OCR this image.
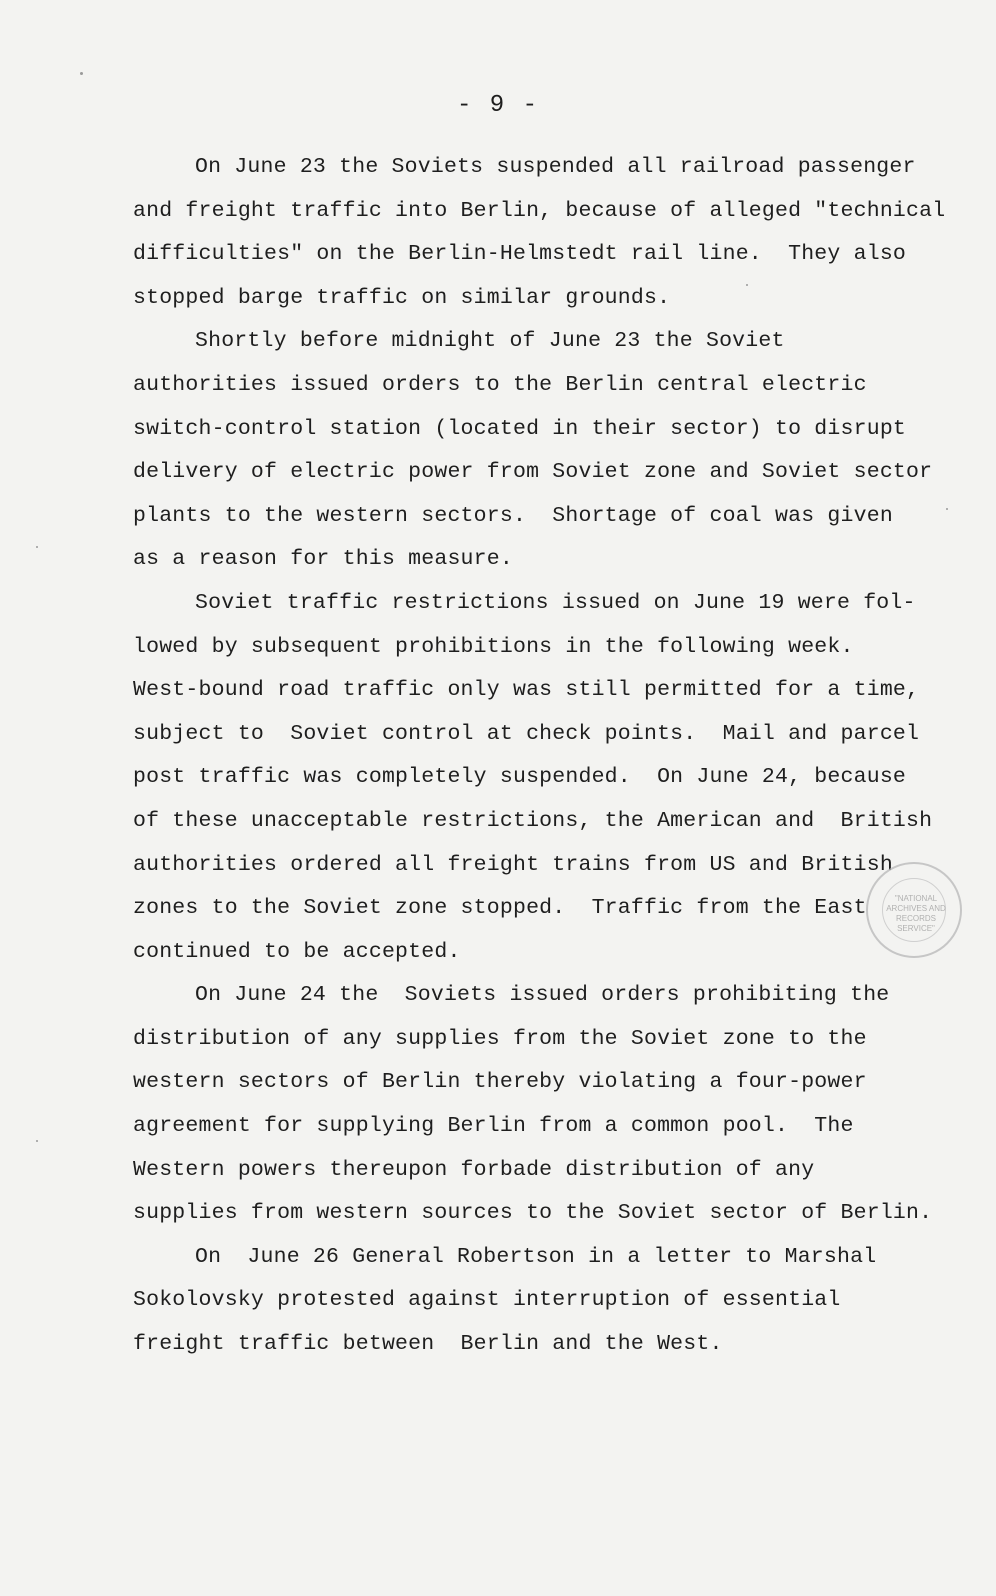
- 9 -
On June 23 the Soviets suspended all railroad passenger
and freight traffic into Berlin, because of alleged "technical
difficulties" on the Berlin-Helmstedt rail line.  They also
stopped barge traffic on similar grounds.
Shortly before midnight of June 23 the Soviet
authorities issued orders to the Berlin central electric
switch-control station (located in their sector) to disrupt
delivery of electric power from Soviet zone and Soviet sector
plants to the western sectors.  Shortage of coal was given
as a reason for this measure.
Soviet traffic restrictions issued on June 19 were fol-
lowed by subsequent prohibitions in the following week.
West-bound road traffic only was still permitted for a time,
subject to  Soviet control at check points.  Mail and parcel
post traffic was completely suspended.  On June 24, because
of these unacceptable restrictions, the American and  British
authorities ordered all freight trains from US and British
zones to the Soviet zone stopped.  Traffic from the East
continued to be accepted.
On June 24 the  Soviets issued orders prohibiting the
distribution of any supplies from the Soviet zone to the
western sectors of Berlin thereby violating a four-power
agreement for supplying Berlin from a common pool.  The
Western powers thereupon forbade distribution of any
supplies from western sources to the Soviet sector of Berlin.
On  June 26 General Robertson in a letter to Marshal
Sokolovsky protested against interruption of essential
freight traffic between  Berlin and the West.
"NATIONAL
ARCHIVES AND
RECORDS
SERVICE"
